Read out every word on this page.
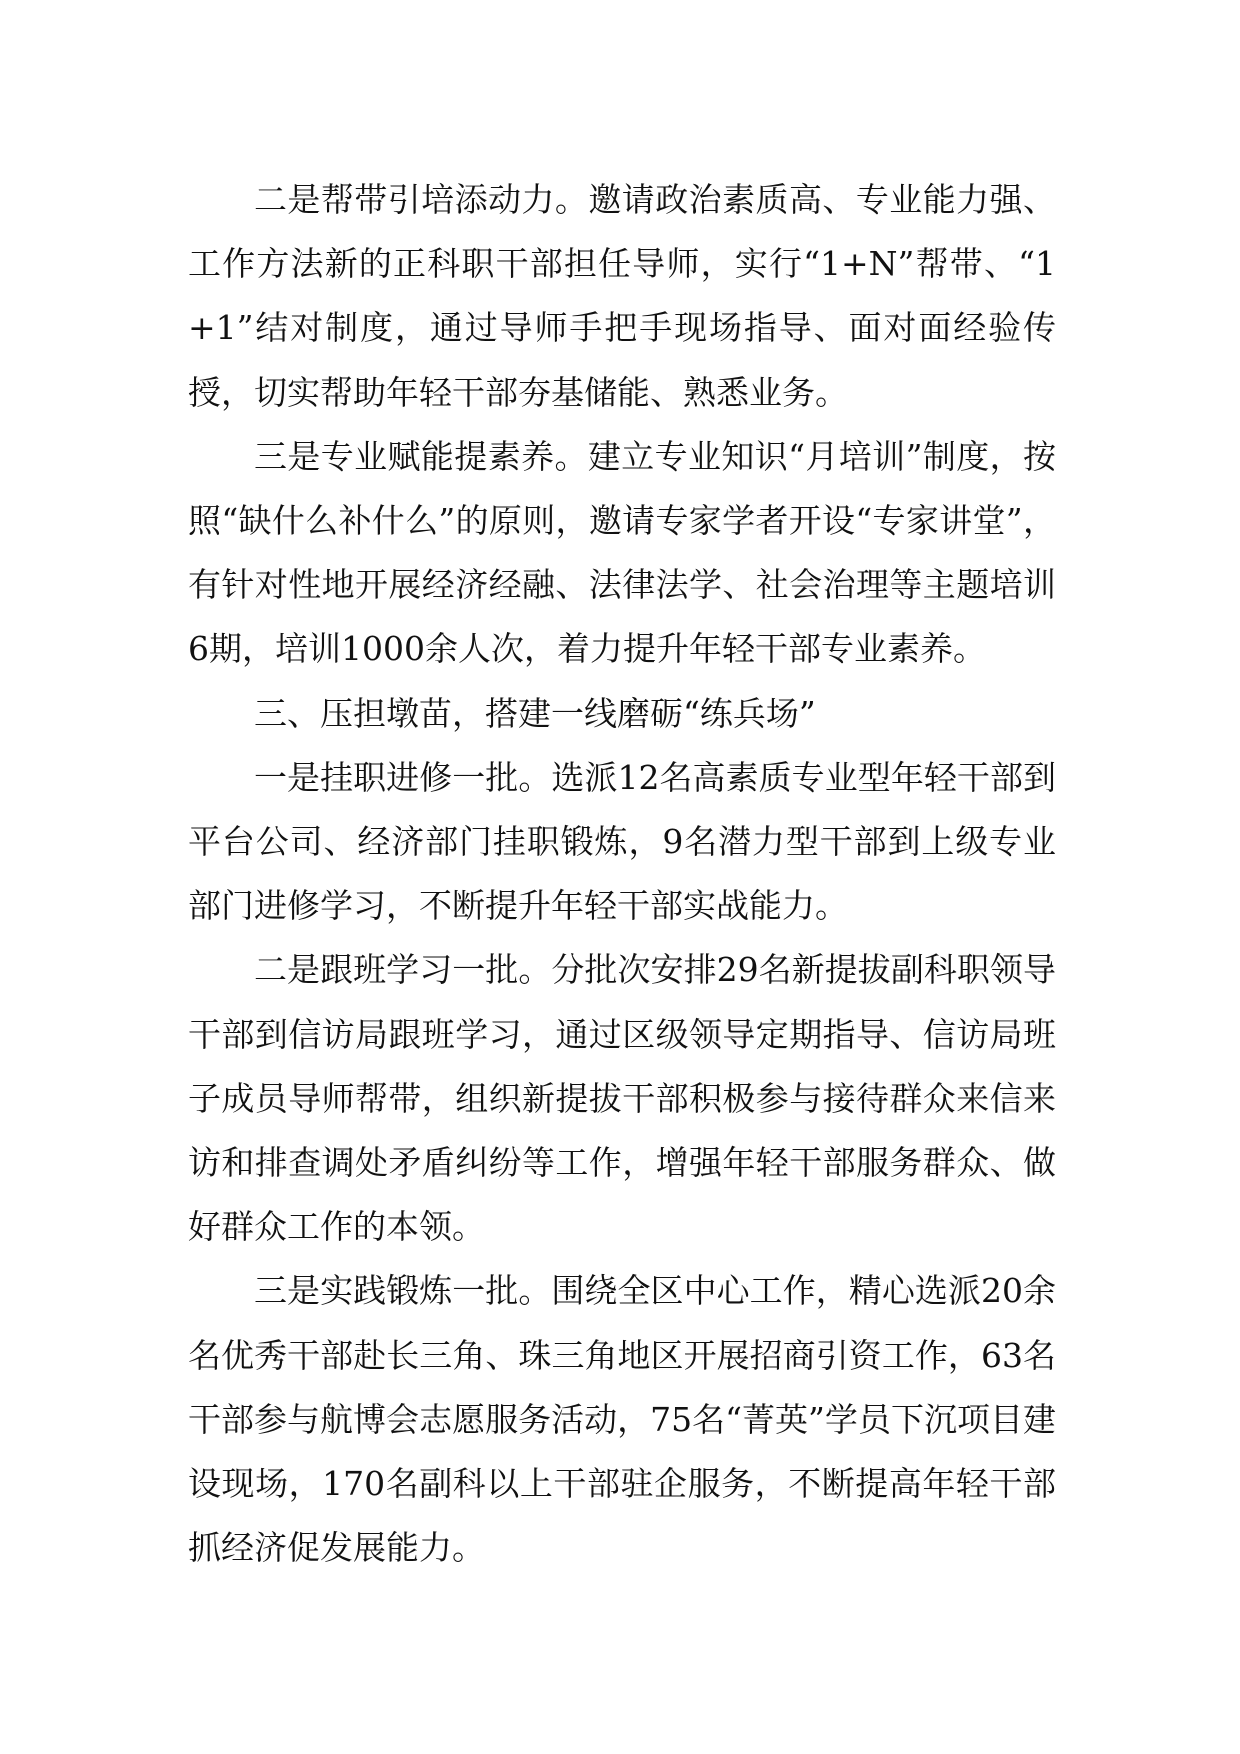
二是帮带引培添动力。邀请政治素质高、专业能力强、工作方法新的正科职干部担任导师，实行“1+N”帮带、“1+1”结对制度，通过导师手把手现场指导、面对面经验传授，切实帮助年轻干部夯基储能、熟悉业务。

三是专业赋能提素养。建立专业知识“月培训”制度，按照“缺什么补什么”的原则，邀请专家学者开设“专家讲堂”，有针对性地开展经济经融、法律法学、社会治理等主题培训6期，培训1000余人次，着力提升年轻干部专业素养。

三、压担墩苗，搭建一线磨砺“练兵场”

一是挂职进修一批。选派12名高素质专业型年轻干部到平台公司、经济部门挂职锻炼，9名潜力型干部到上级专业部门进修学习，不断提升年轻干部实战能力。

二是跟班学习一批。分批次安排29名新提拔副科职领导干部到信访局跟班学习，通过区级领导定期指导、信访局班子成员导师帮带，组织新提拔干部积极参与接待群众来信来访和排查调处矛盾纠纷等工作，增强年轻干部服务群众、做好群众工作的本领。

三是实践锻炼一批。围绕全区中心工作，精心选派20余名优秀干部赴长三角、珠三角地区开展招商引资工作，63名干部参与航博会志愿服务活动，75名“菁英”学员下沉项目建设现场，170名副科以上干部驻企服务，不断提高年轻干部抓经济促发展能力。
